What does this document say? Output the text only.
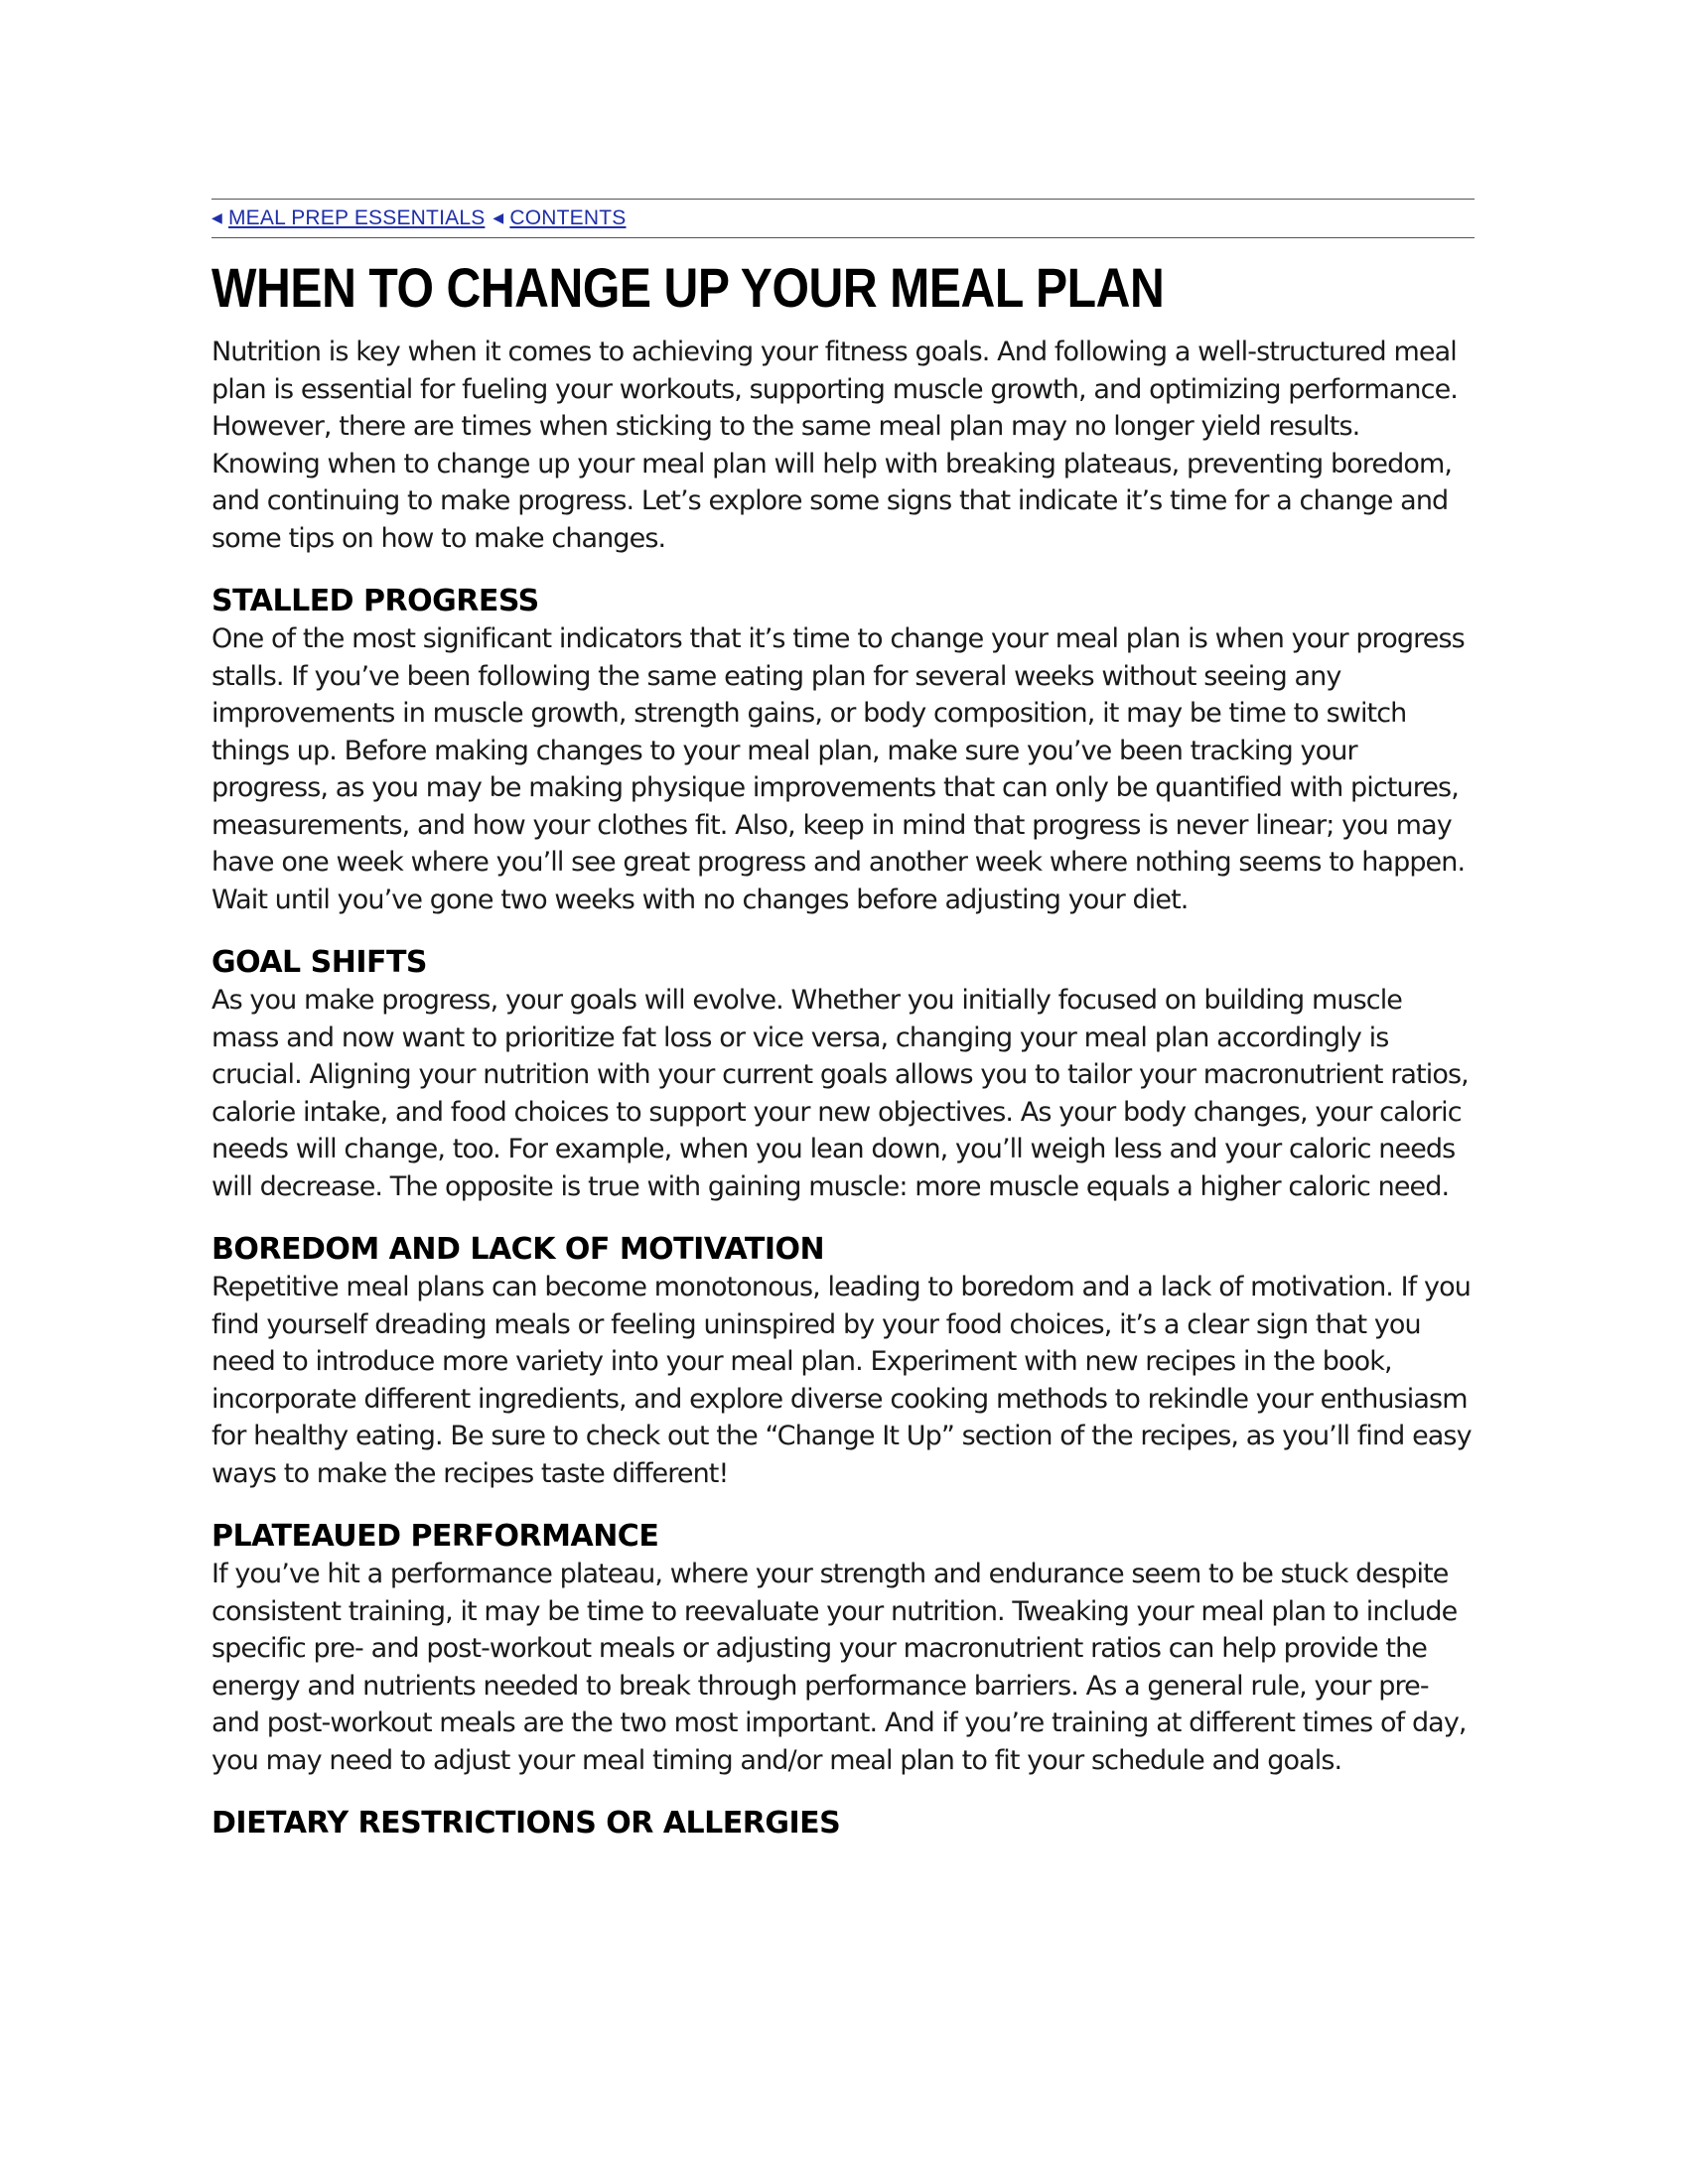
◀ MEAL PREP ESSENTIALS ◀ CONTENTS
WHEN TO CHANGE UP YOUR MEAL PLAN

Nutrition is key when it comes to achieving your fitness goals. And following a well-structured meal plan is essential for fueling your workouts, supporting muscle growth, and optimizing performance. However, there are times when sticking to the same meal plan may no longer yield results. Knowing when to change up your meal plan will help with breaking plateaus, preventing boredom, and continuing to make progress. Let’s explore some signs that indicate it’s time for a change and some tips on how to make changes.

STALLED PROGRESS

One of the most significant indicators that it’s time to change your meal plan is when your progress stalls. If you’ve been following the same eating plan for several weeks without seeing any improvements in muscle growth, strength gains, or body composition, it may be time to switch things up. Before making changes to your meal plan, make sure you’ve been tracking your progress, as you may be making physique improvements that can only be quantified with pictures, measurements, and how your clothes fit. Also, keep in mind that progress is never linear; you may have one week where you’ll see great progress and another week where nothing seems to happen. Wait until you’ve gone two weeks with no changes before adjusting your diet.

GOAL SHIFTS

As you make progress, your goals will evolve. Whether you initially focused on building muscle mass and now want to prioritize fat loss or vice versa, changing your meal plan accordingly is crucial. Aligning your nutrition with your current goals allows you to tailor your macronutrient ratios, calorie intake, and food choices to support your new objectives. As your body changes, your caloric needs will change, too. For example, when you lean down, you’ll weigh less and your caloric needs will decrease. The opposite is true with gaining muscle: more muscle equals a higher caloric need.

BOREDOM AND LACK OF MOTIVATION

Repetitive meal plans can become monotonous, leading to boredom and a lack of motivation. If you find yourself dreading meals or feeling uninspired by your food choices, it’s a clear sign that you need to introduce more variety into your meal plan. Experiment with new recipes in the book, incorporate different ingredients, and explore diverse cooking methods to rekindle your enthusiasm for healthy eating. Be sure to check out the “Change It Up” section of the recipes, as you’ll find easy ways to make the recipes taste different!

PLATEAUED PERFORMANCE

If you’ve hit a performance plateau, where your strength and endurance seem to be stuck despite consistent training, it may be time to reevaluate your nutrition. Tweaking your meal plan to include specific pre- and post-workout meals or adjusting your macronutrient ratios can help provide the energy and nutrients needed to break through performance barriers. As a general rule, your pre- and post-workout meals are the two most important. And if you’re training at different times of day, you may need to adjust your meal timing and/or meal plan to fit your schedule and goals.

DIETARY RESTRICTIONS OR ALLERGIES
